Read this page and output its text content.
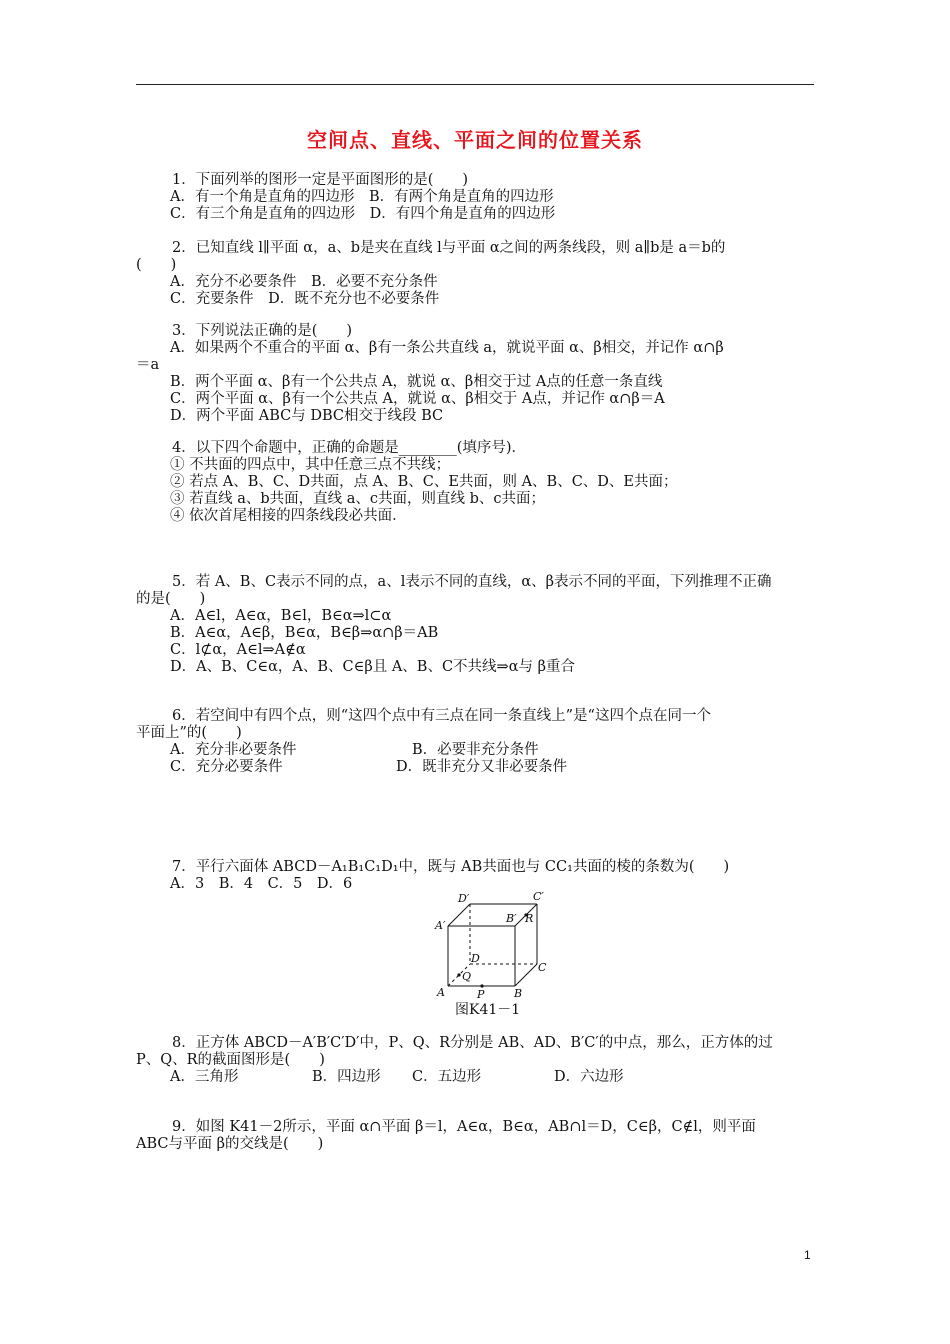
空间点、直线、平面之间的位置关系
1．下面列举的图形一定是平面图形的是(　　)
A．有一个角是直角的四边形　B．有两个角是直角的四边形
C．有三个角是直角的四边形　D．有四个角是直角的四边形
2．已知直线 l∥平面 α，a、b是夹在直线 l与平面 α之间的两条线段，则 a∥b是 a＝b的
(　　)
A．充分不必要条件　B．必要不充分条件
C．充要条件　D．既不充分也不必要条件
3．下列说法正确的是(　　)
A．如果两个不重合的平面 α、β有一条公共直线 a，就说平面 α、β相交，并记作 α∩β
＝a
B．两个平面 α、β有一个公共点 A，就说 α、β相交于过 A点的任意一条直线
C．两个平面 α、β有一个公共点 A，就说 α、β相交于 A点，并记作 α∩β＝A
D．两个平面 ABC与 DBC相交于线段 BC
4．以下四个命题中，正确的命题是________(填序号)．
① 不共面的四点中，其中任意三点不共线；
② 若点 A、B、C、D共面，点 A、B、C、E共面，则 A、B、C、D、E共面；
③ 若直线 a、b共面，直线 a、c共面，则直线 b、c共面；
④ 依次首尾相接的四条线段必共面．
5．若 A、B、C表示不同的点，a、l表示不同的直线，α、β表示不同的平面，下列推理不正确
的是(　　)
A．A∈l，A∈α，B∈l，B∈α⇒l⊂α
B．A∈α，A∈β，B∈α，B∈β⇒α∩β＝AB
C．l⊄α，A∈l⇒A∉α
D．A、B、C∈α，A、B、C∈β且 A、B、C不共线⇒α与 β重合
6．若空间中有四个点，则“这四个点中有三点在同一条直线上”是“这四个点在同一个
平面上”的(　　)
A．充分非必要条件	B．必要非充分条件
C．充分必要条件	D．既非充分又非必要条件
7．平行六面体 ABCD－A₁B₁C₁D₁中，既与 AB共面也与 CC₁共面的棱的条数为(　　)
A．3　B．4　C．5　D．6
D′	C′
B′ R
A′
D
C
Q
A	P	B
图K41－1
8．正方体 ABCD－A′B′C′D′中，P、Q、R分别是 AB、AD、B′C′的中点，那么，正方体的过
P、Q、R的截面图形是(　　)
A．三角形	B．四边形 C．五边形	D．六边形
9．如图 K41－2所示，平面 α∩平面 β＝l，A∈α，B∈α，AB∩l＝D，C∈β，C∉l，则平面
ABC与平面 β的交线是(　　)
1
